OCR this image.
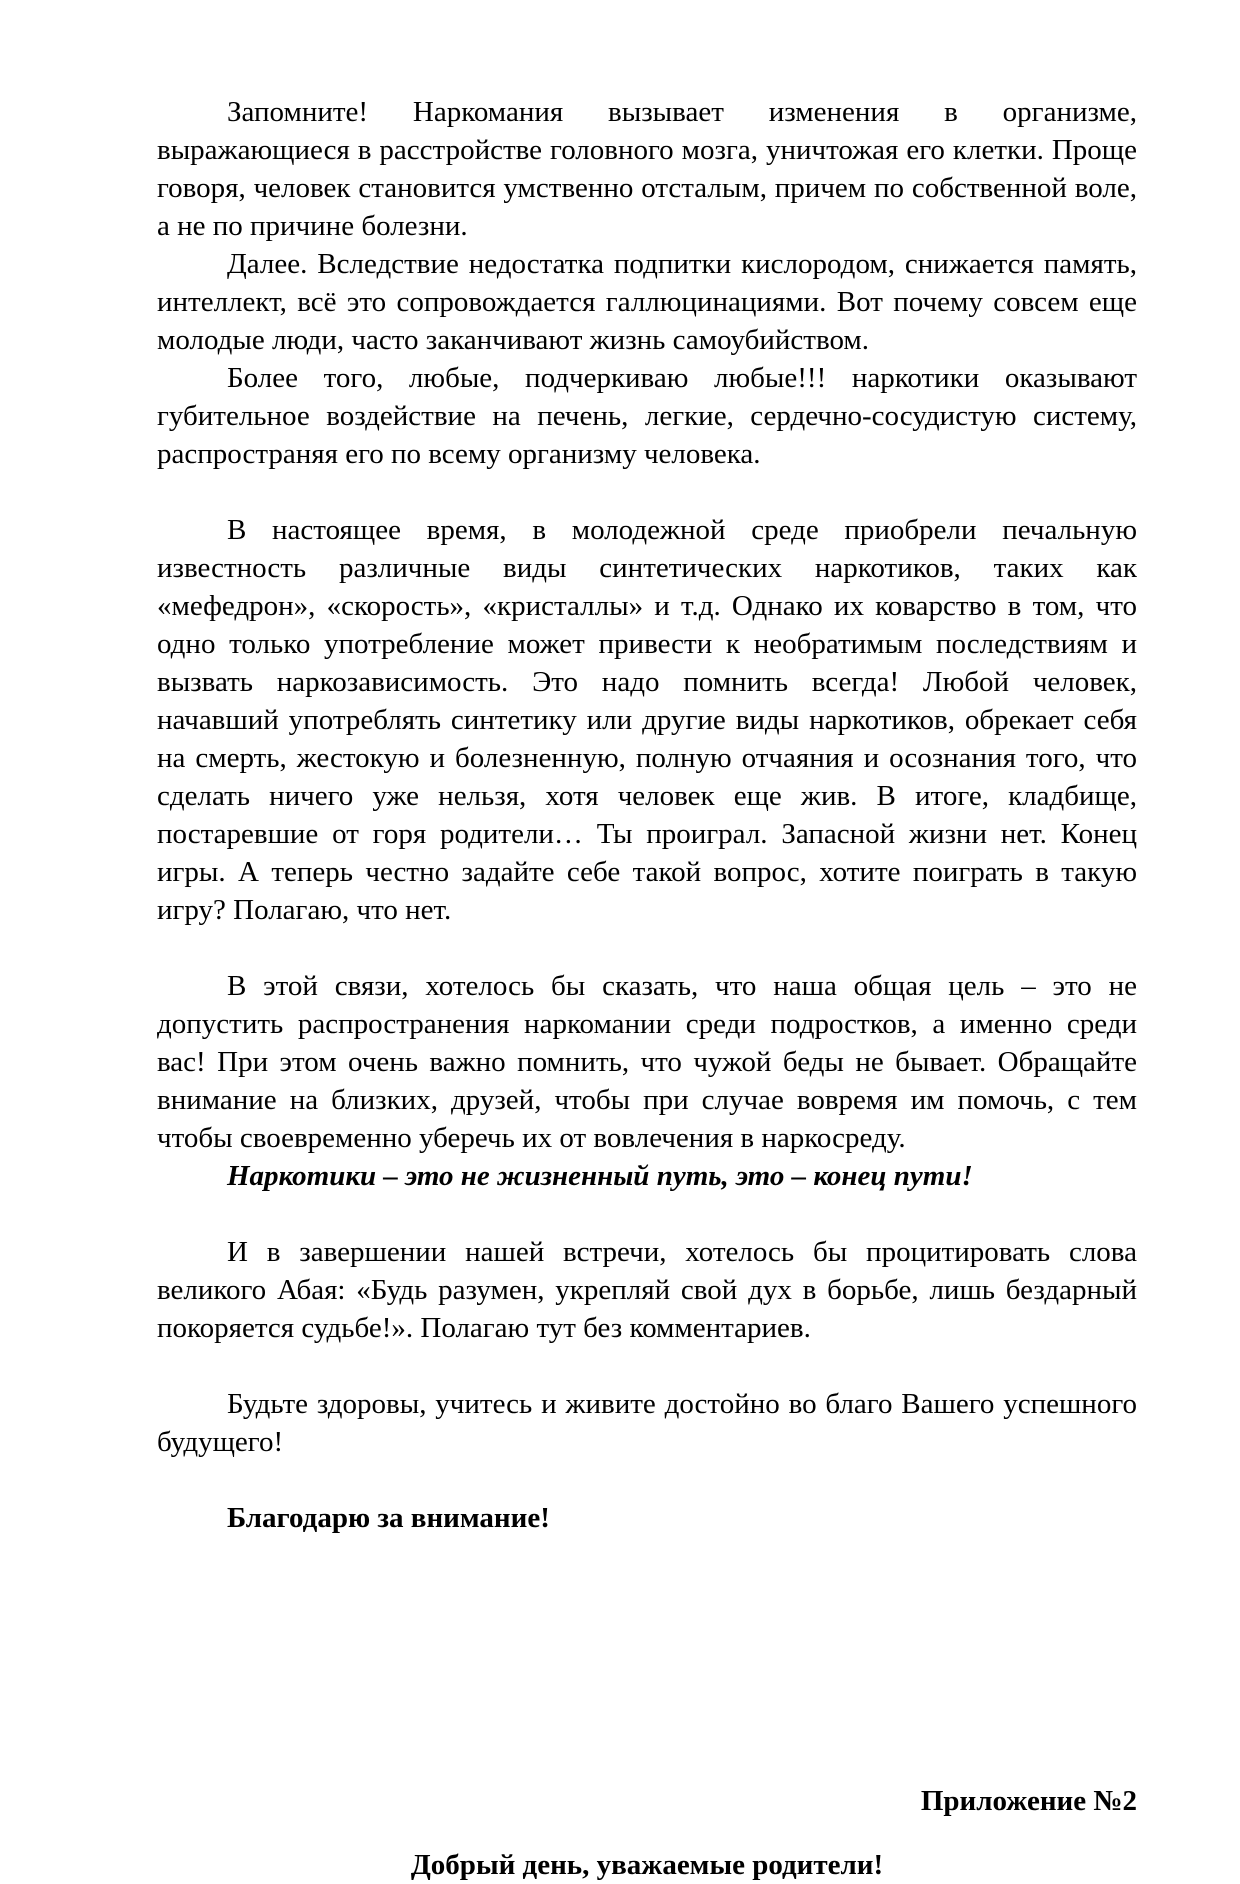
Запомните! Наркомания вызывает изменения в организме, выражающиеся в расстройстве головного мозга, уничтожая его клетки. Проще говоря, человек становится умственно отсталым, причем по собственной воле, а не по причине болезни.

Далее. Вследствие недостатка подпитки кислородом, снижается память, интеллект, всё это сопровождается галлюцинациями. Вот почему совсем еще молодые люди, часто заканчивают жизнь самоубийством.

Более того, любые, подчеркиваю любые!!! наркотики оказывают губительное воздействие на печень, легкие, сердечно-сосудистую систему, распространяя его по всему организму человека.

В настоящее время, в молодежной среде приобрели печальную известность различные виды синтетических наркотиков, таких как «мефедрон», «скорость», «кристаллы» и т.д. Однако их коварство в том, что одно только употребление может привести к необратимым последствиям и вызвать наркозависимость. Это надо помнить всегда! Любой человек, начавший употреблять синтетику или другие виды наркотиков, обрекает себя на смерть, жестокую и болезненную, полную отчаяния и осознания того, что сделать ничего уже нельзя, хотя человек еще жив. В итоге, кладбище, постаревшие от горя родители… Ты проиграл. Запасной жизни нет. Конец игры. А теперь честно задайте себе такой вопрос, хотите поиграть в такую игру? Полагаю, что нет.

В этой связи, хотелось бы сказать, что наша общая цель – это не допустить распространения наркомании среди подростков, а именно среди вас! При этом очень важно помнить, что чужой беды не бывает. Обращайте внимание на близких, друзей, чтобы при случае вовремя им помочь, с тем чтобы своевременно уберечь их от вовлечения в наркосреду.

Наркотики – это не жизненный путь, это – конец пути!

И в завершении нашей встречи, хотелось бы процитировать слова великого Абая: «Будь разумен, укрепляй свой дух в борьбе, лишь бездарный покоряется судьбе!». Полагаю тут без комментариев.

Будьте здоровы, учитесь и живите достойно во благо Вашего успешного будущего!

Благодарю за внимание!

Приложение №2

Добрый день, уважаемые родители!
